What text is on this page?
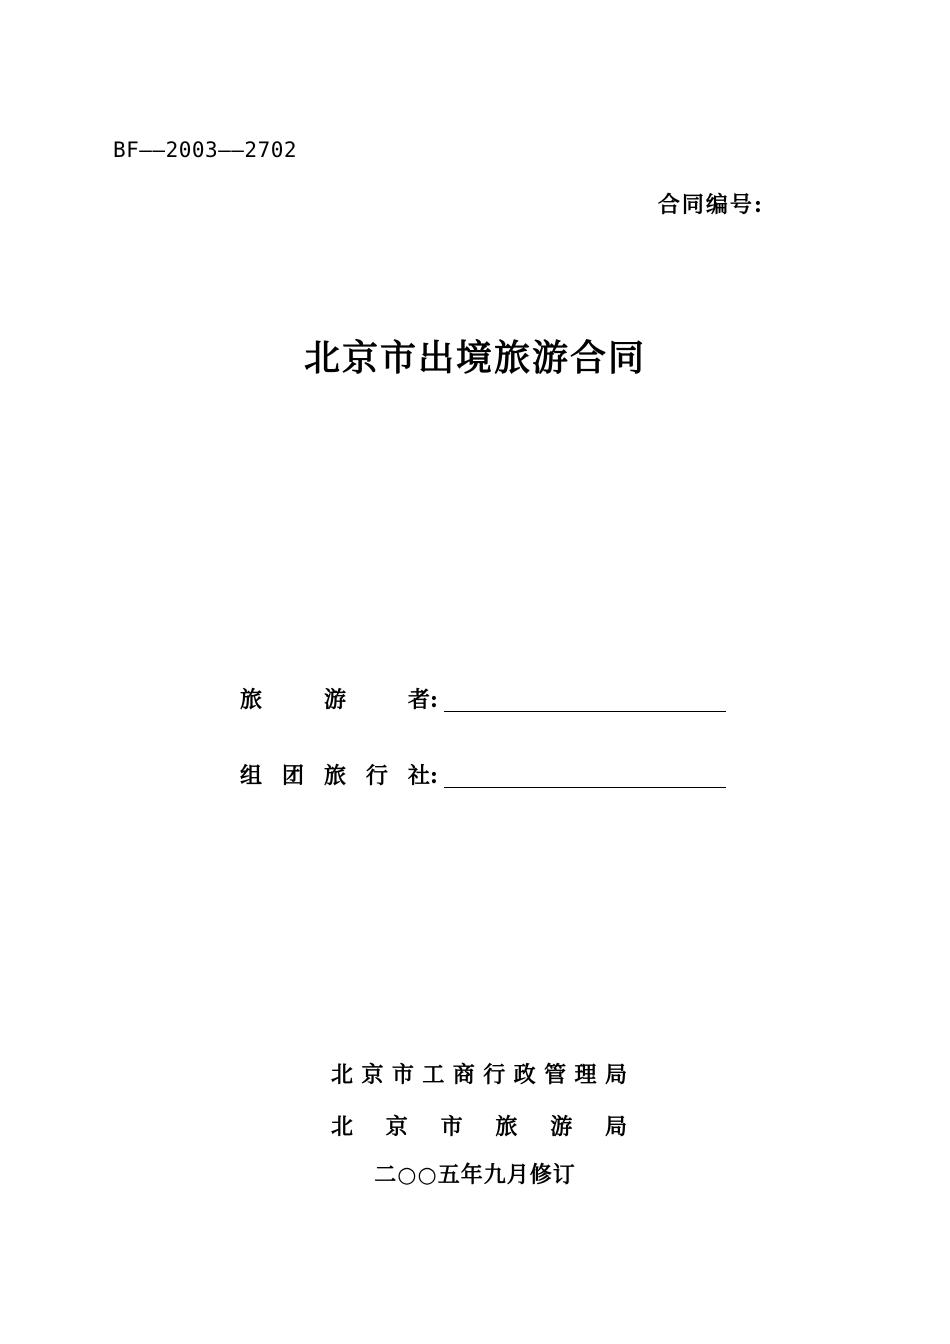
BF——2003——2702
合同编号:
北京市出境旅游合同
旅	游	者:
组 团 旅 行 社:
北 京 市 工 商 行 政 管 理 局
北 京 市 旅 游 局
二○○五年九月修订
